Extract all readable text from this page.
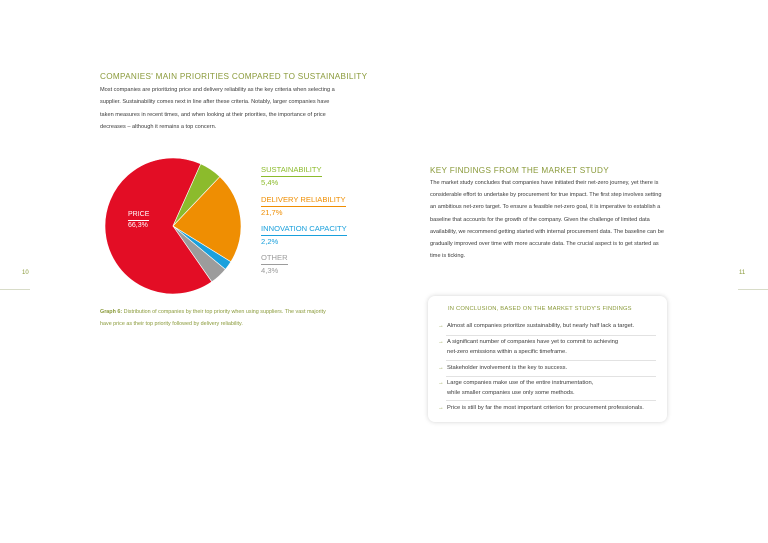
COMPANIES' MAIN PRIORITIES COMPARED TO SUSTAINABILITY
Most companies are prioritizing price and delivery reliability as the key criteria when selecting a supplier. Sustainability comes next in line after these criteria. Notably, larger companies have taken measures in recent times, and when looking at their priorities, the importance of price decreases – although it remains a top concern.
PRICE
66,3%
SUSTAINABILITY
5,4%
DELIVERY RELIABILITY
21,7%
INNOVATION CAPACITY
2,2%
OTHER
4,3%
Graph 6: Distribution of companies by their top priority when using suppliers. The vast majority have price as their top priority followed by delivery reliability.
10
KEY FINDINGS FROM THE MARKET STUDY
The market study concludes that companies have initiated their net-zero journey, yet there is considerable effort to undertake by procurement for true impact. The first step involves setting an ambitious net-zero target. To ensure a feasible net-zero goal, it is imperative to establish a baseline that accounts for the growth of the company. Given the challenge of limited data availability, we recommend getting started with internal procurement data. The baseline can be gradually improved over time with more accurate data. The crucial aspect is to get started as time is ticking.
11
IN CONCLUSION, BASED ON THE MARKET STUDY'S FINDINGS
→ Almost all companies prioritize sustainability, but nearly half lack a target.
→ A significant number of companies have yet to commit to achieving
net-zero emissions within a specific timeframe.
→ Stakeholder involvement is the key to success.
→ Large companies make use of the entire instrumentation,
while smaller companies use only some methods.
→ Price is still by far the most important criterion for procurement professionals.
